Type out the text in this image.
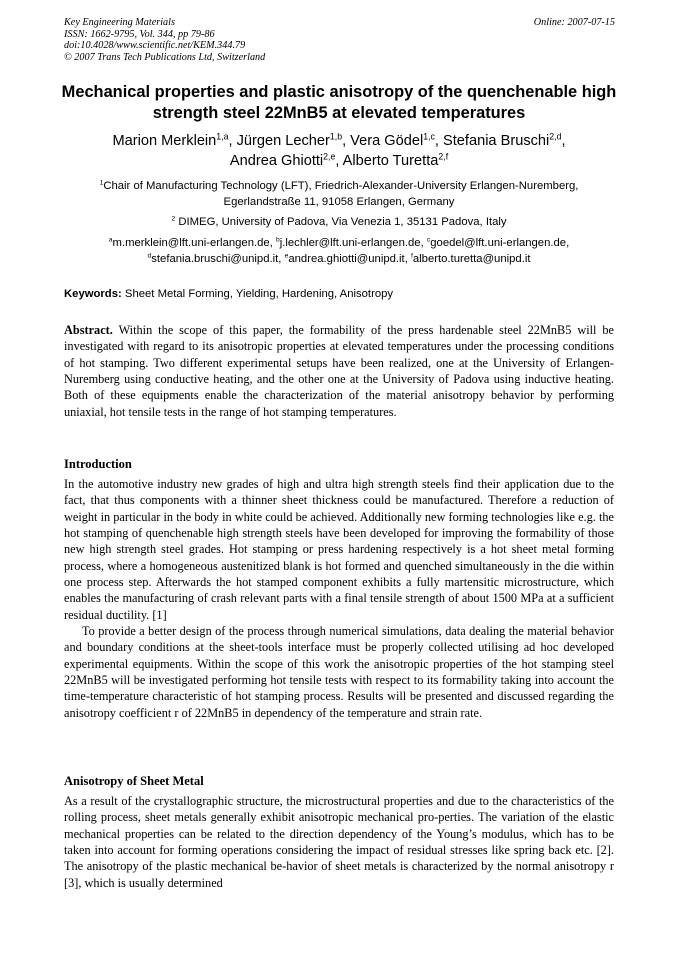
Key Engineering Materials
ISSN: 1662-9795, Vol. 344, pp 79-86
doi:10.4028/www.scientific.net/KEM.344.79
© 2007 Trans Tech Publications Ltd, Switzerland
Online: 2007-07-15
Mechanical properties and plastic anisotropy of the quenchenable high strength steel 22MnB5 at elevated temperatures
Marion Merklein$^{1,a}$, Jürgen Lecher$^{1,b}$, Vera Gödel$^{1,c}$, Stefania Bruschi$^{2,d}$,
Andrea Ghiotti$^{2,e}$, Alberto Turetta$^{2,f}$
$^1$Chair of Manufacturing Technology (LFT), Friedrich-Alexander-University Erlangen-Nuremberg,
Egerlandstraße 11, 91058 Erlangen, Germany
$^2$ DIMEG, University of Padova, Via Venezia 1, 35131 Padova, Italy
$^a$m.merklein@lft.uni-erlangen.de, $^b$j.lechler@lft.uni-erlangen.de, $^c$goedel@lft.uni-erlangen.de,
$^d$stefania.bruschi@unipd.it, $^e$andrea.ghiotti@unipd.it, $^f$alberto.turetta@unipd.it
Keywords: Sheet Metal Forming, Yielding, Hardening, Anisotropy
Abstract. Within the scope of this paper, the formability of the press hardenable steel 22MnB5 will be investigated with regard to its anisotropic properties at elevated temperatures under the processing conditions of hot stamping. Two different experimental setups have been realized, one at the University of Erlangen-Nuremberg using conductive heating, and the other one at the University of Padova using inductive heating. Both of these equipments enable the characterization of the material anisotropy behavior by performing uniaxial, hot tensile tests in the range of hot stamping temperatures.
Introduction

In the automotive industry new grades of high and ultra high strength steels find their application due to the fact, that thus components with a thinner sheet thickness could be manufactured. Therefore a reduction of weight in particular in the body in white could be achieved. Additionally new forming technologies like e.g. the hot stamping of quenchenable high strength steels have been developed for improving the formability of those new high strength steel grades. Hot stamping or press hardening respectively is a hot sheet metal forming process, where a homogeneous austenitized blank is hot formed and quenched simultaneously in the die within one process step. Afterwards the hot stamped component exhibits a fully martensitic microstructure, which enables the manufacturing of crash relevant parts with a final tensile strength of about 1500 MPa at a sufficient residual ductility. [1]

To provide a better design of the process through numerical simulations, data dealing the material behavior and boundary conditions at the sheet-tools interface must be properly collected utilising ad hoc developed experimental equipments. Within the scope of this work the anisotropic properties of the hot stamping steel 22MnB5 will be investigated performing hot tensile tests with respect to its formability taking into account the time-temperature characteristic of hot stamping process. Results will be presented and discussed regarding the anisotropy coefficient r of 22MnB5 in dependency of the temperature and strain rate.

Anisotropy of Sheet Metal

As a result of the crystallographic structure, the microstructural properties and due to the characteristics of the rolling process, sheet metals generally exhibit anisotropic mechanical pro-perties. The variation of the elastic mechanical properties can be related to the direction dependency of the Young’s modulus, which has to be taken into account for forming operations considering the impact of residual stresses like spring back etc. [2]. The anisotropy of the plastic mechanical be-havior of sheet metals is characterized by the normal anisotropy r [3], which is usually determined
